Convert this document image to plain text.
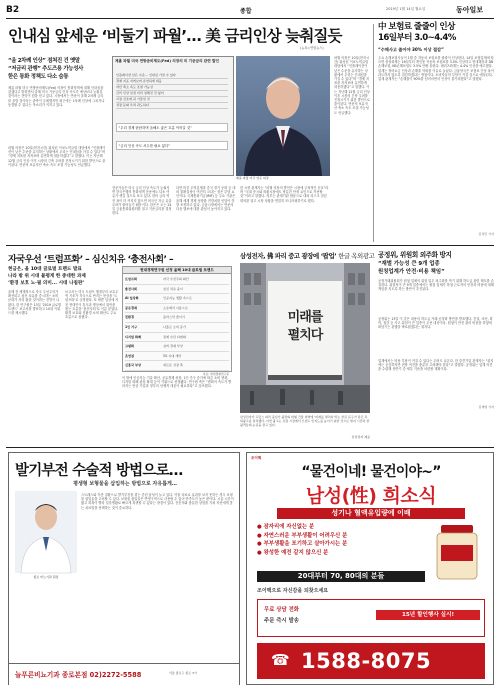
B2	종합	2019년 1월 14일 월요일	동아일보
인내심 앞세운 ‘비둘기 파월’… 美 금리인상 늦춰질듯
(뉴욕=연합뉴스)
“올 2차례 인상” 점쳐진 건 옛말
“저금리 관행” 추도즈용 가능성사
한은 통화 정책도 다소 숨통
제롬 파월 미국 연방준비제도(Fed) 의장이 통화정책에 대해 인내심을 갖겠다고 밝히면서 올해 미국 기준금리 인상 속도가 예상보다 늦춰질 것이라는 전망이 힘을 얻고 있다. 시장에서는 연준이 올해 2차례 금리를 올릴 것이라는 관측이 우세했지만 최근에는 1차례 인상에 그치거나 동결할 수 있다는 목소리가 커지고 있다.
파월 의장은 10일(현지시간) 워싱턴 이코노믹클럽 대담에서 “인플레이션이 낮은 수준을 유지하는 상황에서 우리는 인내심을 가질 수 있다”며 “경제 지표를 지켜보며 유연하게 대응하겠다”고 말했다. 이는 지난해 12월 금리 인상 이후 시장의 긴축 우려를 진정시키기 위한 발언으로 풀이된다. 연준의 보유자산 축소 속도 조절 가능성도 언급했다.
제롬 파월 미국 연방준비제도(Fed) 의장의 미 기준금리 관련 발언
인플레이션 낮은 수준… 인내심 가질 수 있다
경제 지표 지켜보며 유연하게 대응
자산 축소 속도 조절 가능성
금리 인상 일정 미리 정해진 것 없어
시장 신호에 귀 기울일 것
성장 둔화 우려 과도하다
“우리 경제 탄탄하며 올해도 좋은 흐름 이어갈 것”
“금리 인상 속도 서두를 필요 없다”
제롬 파월 미국 연준 의장
전문가들은 미국 금리 인상 속도가 늦춰지면 한국은행의 통화정책 운용에도 다소 여유가 생길 것으로 보고 있다. 한미 금리 역전 폭이 더 커지지 않으면 외국인 자금 유출 우려가 줄어들기 때문이다. 한은은 오는 24일 금융통화위원회를 열고 기준금리를 결정한다.
다만 미중 무역분쟁과 중국 경기 둔화 등 대외 불확실성이 여전히 크다는 점은 부담 요인이다. 국제통화기금(IMF) 등 주요 기관은 올해 세계 경제 성장률 전망치를 잇달아 하향 조정하고 있다. 금융시장에서는 연준의 다음 행보에 대한 관심이 높아지고 있다.
한 시장 관계자는 “파월 의장의 발언은 시장에 긍정적인 신호”라며 “국내 증시와 외환시장에도 당분간 안정 요인으로 작용할 것”이라고 말했다. 정부는 관계기관 합동으로 대외 리스크 점검 회의를 열고 시장 상황을 면밀히 모니터링하기로 했다.
파월 의장은 10일(현지시간) 워싱턴 이코노믹클럽 대담에서 “인플레이션이 낮은 수준을 유지하는 상황에서 우리는 인내심을 가질 수 있다”며 “경제 지표를 지켜보며 유연하게 대응하겠다”고 말했다. 이는 지난해 12월 금리 인상 이후 시장의 긴축 우려를 진정시키기 위한 발언으로 풀이된다. 연준의 보유자산 축소 속도 조절 가능성도 언급했다.
中 보험료 줄줄이 인상
16일부터 3.0~4.4%
“수해사고 줄어야 30% 이상 절감”
주요 손해보험사들이 1월 중 자동차 보험료를 줄줄이 인상한다. 14일 보험업계에 따르면 삼성화재는 16일부터 개인용 자동차 보험료를 3.0% 인상하고 현대해상과 DB손해보험, KB손해보험도 3.5% 안팎 올린다. 메리츠화재는 4.4% 인상을 예고했다. 업계는 정비요금 인상과 손해율 악화를 이유로 들었다. 금융당국은 보험료 인상 폭이 과도하지 않도록 점검하겠다는 방침이다. 소비자들의 부담이 커질 것으로 예상된다. 업계 관계자는 “손해율이 90%를 넘어서면서 인상이 불가피했다”고 말했다.
김성민 기자
자국우선 ‘트럼프화’ – 심신치유 ‘충전사회’ –
현금은, 올 10대 글로벌 트렌드 발표
나라 밖 위 시대 불평게 한 중대한 과제
‘환경 보호 노·필 의미... 시대 나침판’
올해 전 세계적으로 자국 우선주의가 확산되고 심신 치유를 중시하는 소비 문화가 자리 잡을 것이라는 전망이 나왔다. 한 연구원은 13일 ‘2019 글로벌 트렌드’ 보고서를 발표하고 10대 키워드를 제시했다.
보고서는 미국 트럼프 행정부의 보호무역 기조가 각국으로 번지는 현상을 ‘트럼프화’로 규정했다. 또 바쁜 일상에 지친 현대인이 휴식과 명상에서 위안을 찾는 흐름을 ‘충전사회’로 이름 붙였다. 환경 보호와 친환경 소비 확산도 주요 흐름으로 꼽혔다.
현대경제연구원 선정 올해 10대 글로벌 트렌드
트럼프화	자국 우선주의 확산
충전사회	심신 치유 중시
AI 일상화	인공지능 생활 속으로
공유경제	소유에서 이용으로
친환경	플라스틱 줄이기
1인 가구	나홀로 소비 증가
디지털 화폐	결제 수단 다변화
고령화	실버 경제 부상
초연결	5G 시대 개막
신흥국 부상	새로운 성장 축
자료: 현대경제연구원
이 밖에 인공지능 기술 확산, 공유경제 성장, 1인 가구 증가에 따른 소비 변화, 디지털 화폐 관심 확대 등이 키워드로 선정됐다. 연구원 측은 “변화의 속도가 빨라지는 만큼 기업과 정부의 선제적 대응이 필요하다”고 강조했다.
삼성전자, 佛 파리 중고 광장에 ‘팝업’ 한글 옥외광고
미래를 펼치다
삼성전자가 프랑스 파리 중심가 광장의 대형 건물 외벽에 ‘미래를 펼치다’라는 한글 문구가 담긴 옥외광고를 설치했다. 이번 광고는 유럽 시장에서 브랜드 인지도를 높이기 위한 것으로 현지 시민과 관광객들의 눈길을 끌고 있다.
삼성전자 제공
공정위, 위원회 외주화 방지
“재벌 가능성 큰 9개 업종
원칭업계가 안전·비용 책임”
공정거래위원회가 원청 업체의 위험 업무 외주화를 막기 위해 하도급 관련 제도를 손질한다. 위험성이 큰 9개 업종에서는 원청 업체가 하청 근로자의 안전과 비용에 대해 책임을 지도록 하는 방안이 추진된다.
공정위는 13일 이 같은 내용의 하도급 거래 공정화 방안을 발표했다. 건설, 조선, 화학, 철강 등 사고 위험이 큰 업종이 우선 대상이다. 원청이 안전 관리 비용을 하청에 떠넘기는 관행을 바로잡겠다는 취지다.
업계에서는 비용 부담이 커질 수 있다는 우려도 나온다. 한 중견기업 관계자는 “취지에는 공감하지만 현장 여건을 충분히 고려해야 한다”고 말했다. 공정위는 업계 의견을 수렴해 상반기 중 세부 기준을 마련할 계획이다.
김재영 기자
발기부전 수술적 방법으로…
평생형 보형물을 삽입하는 방법으로 자유롭게…
종로 비뇨기과 원장
스트레스와 각종 질환으로 발기부전을 겪는 중년 남성이 늘고 있다. 약물 치료로 효과를 보지 못하는 경우 보형물 삽입술을 고려할 수 있다. 보형물 삽입술은 반영구적으로 사용할 수 있어 만족도가 높은 편이다. 시술 시간이 짧고 회복이 빨라 일상생활로 빠르게 복귀할 수 있다는 장점이 있다. 전문의와 충분한 상담을 거쳐 자신에게 맞는 치료법을 선택하는 것이 중요하다.
늘푸른비뇨기과 종로본점 02)2272-5588	서울 종로구 종로 3가
조이맥
“물건이네! 물건이야~”
남성(性) 희소식
성기나 혈액유입량에 이배
● 잠자리에 자신없는 분
● 자연스러운 부부생활이 어려우신 분
● 부부생활을 포기하고 살아가시는 분
● 왕성한 예전 같지 않으신 분
20대부터 70, 80대의 분들
조이맥으로 자신감을 되찾으세요
무료 상담 전화
주문 즉시 발송
15년 할인행사 실시!
☎ 1588-8075
